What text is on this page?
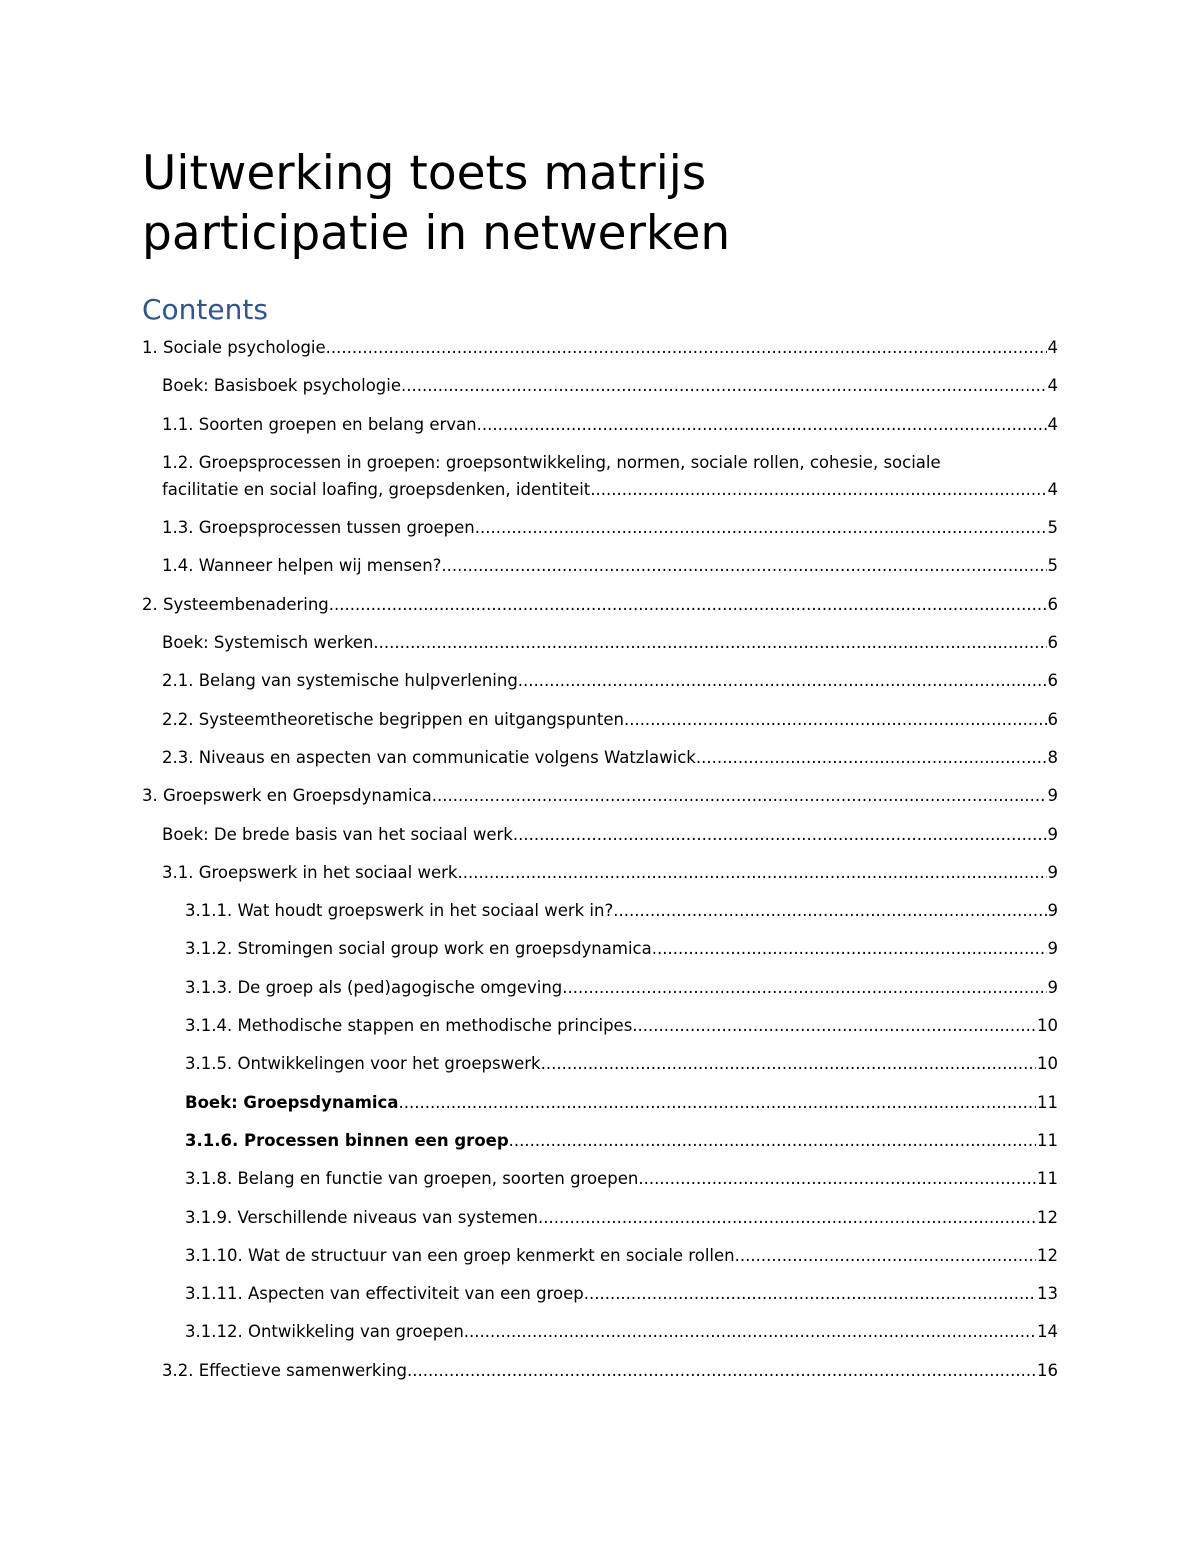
Uitwerking toets matrijs
participatie in netwerken
Contents
1. Sociale psychologie .....	4
Boek: Basisboek psychologie .....	4
1.1. Soorten groepen en belang ervan .....	4
1.2. Groepsprocessen in groepen: groepsontwikkeling, normen, sociale rollen, cohesie, sociale
facilitatie en social loafing, groepsdenken, identiteit .....	4
1.3. Groepsprocessen tussen groepen .....	5
1.4. Wanneer helpen wij mensen? .....	5
2. Systeembenadering .....	6
Boek: Systemisch werken .....	6
2.1. Belang van systemische hulpverlening .....	6
2.2. Systeemtheoretische begrippen en uitgangspunten .....	6
2.3. Niveaus en aspecten van communicatie volgens Watzlawick .....	8
3. Groepswerk en Groepsdynamica .....	9
Boek: De brede basis van het sociaal werk .....	9
3.1. Groepswerk in het sociaal werk .....	9
3.1.1. Wat houdt groepswerk in het sociaal werk in? .....	9
3.1.2. Stromingen social group work en groepsdynamica .....	9
3.1.3. De groep als (ped)agogische omgeving .....	9
3.1.4. Methodische stappen en methodische principes .....	10
3.1.5. Ontwikkelingen voor het groepswerk .....	10
Boek: Groepsdynamica .....	11
3.1.6. Processen binnen een groep .....	11
3.1.8. Belang en functie van groepen, soorten groepen .....	11
3.1.9. Verschillende niveaus van systemen .....	12
3.1.10. Wat de structuur van een groep kenmerkt en sociale rollen .....	12
3.1.11. Aspecten van effectiviteit van een groep .....	13
3.1.12. Ontwikkeling van groepen .....	14
3.2. Effectieve samenwerking .....	16
